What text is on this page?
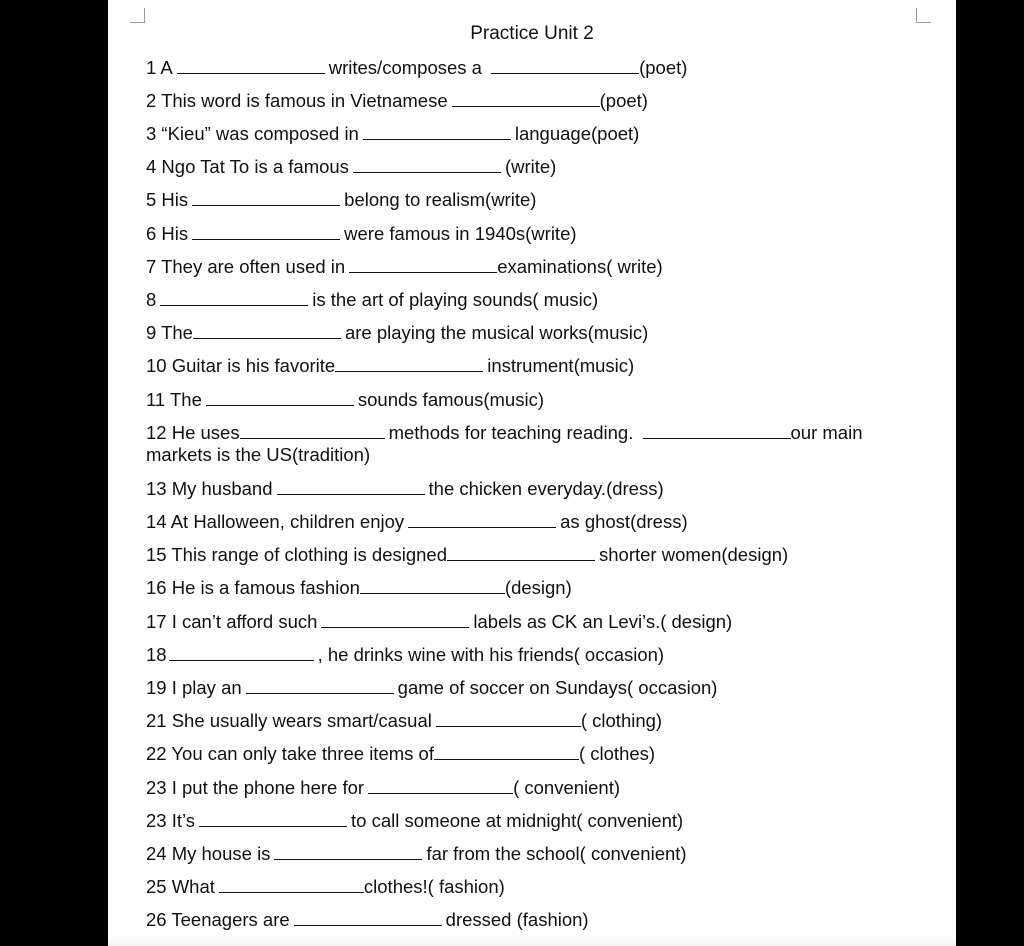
Practice Unit 2
1 A	writes/composes a	(poet)
2 This word is famous in Vietnamese	(poet)
3 “Kieu” was composed in	language(poet)
4 Ngo Tat To is a famous	(write)
5 His	belong to realism(write)
6 His	were famous in 1940s(write)
7 They are often used in	examinations( write)
8	is the art of playing sounds( music)
9 The	are playing the musical works(music)
10 Guitar is his favorite	instrument(music)
11 The	sounds famous(music)
12 He uses	methods for teaching reading.	our main markets is the US(tradition)
13 My husband	the chicken everyday.(dress)
14 At Halloween, children enjoy	as ghost(dress)
15 This range of clothing is designed	shorter women(design)
16 He is a famous fashion	(design)
17 I can’t afford such	labels as CK an Levi’s.( design)
18	, he drinks wine with his friends( occasion)
19 I play an	game of soccer on Sundays( occasion)
21 She usually wears smart/casual	( clothing)
22 You can only take three items of	( clothes)
23 I put the phone here for	( convenient)
23 It’s	to call someone at midnight( convenient)
24 My house is	far from the school( convenient)
25 What	clothes!( fashion)
26 Teenagers are	dressed (fashion)
